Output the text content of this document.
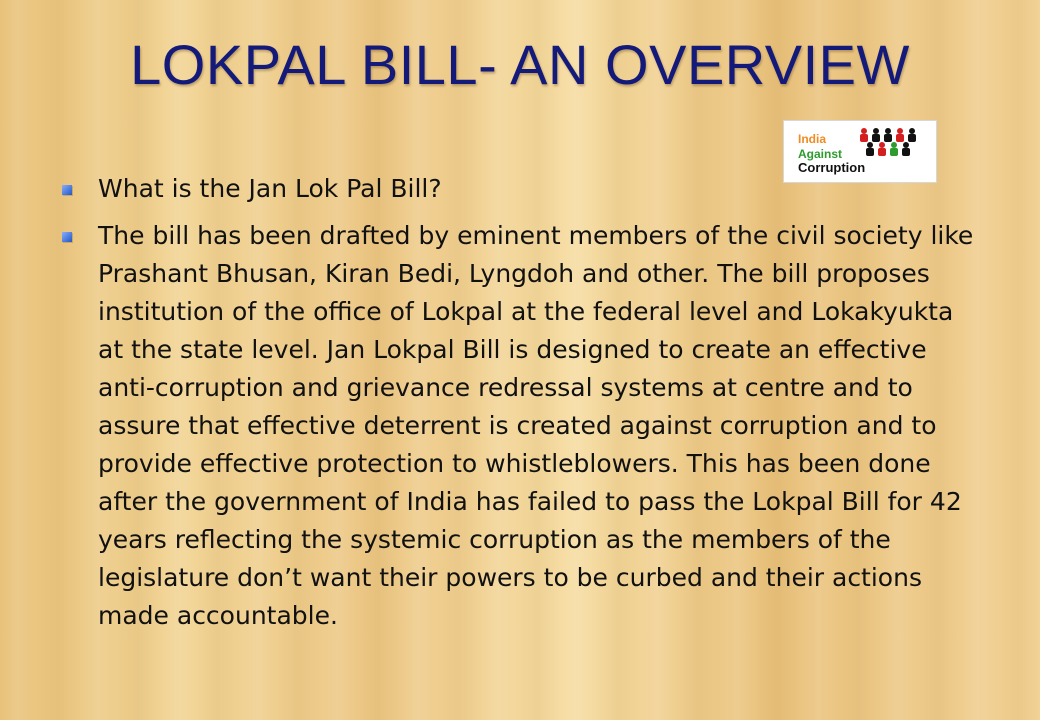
LOKPAL BILL- AN OVERVIEW
India
Against
Corruption
What is the Jan Lok Pal Bill?
The bill has been drafted by eminent members of the civil society like Prashant Bhusan, Kiran Bedi, Lyngdoh and other. The bill proposes institution of the office of Lokpal at the federal level and Lokakyukta at the state level. Jan Lokpal Bill is designed to create an effective anti-corruption and grievance redressal systems at centre and to assure that effective deterrent is created against corruption and to provide effective protection to whistleblowers. This has been done after the government of India has failed to pass the Lokpal Bill for 42 years reflecting the systemic corruption as the members of the legislature don’t want their powers to be curbed and their actions made accountable.
